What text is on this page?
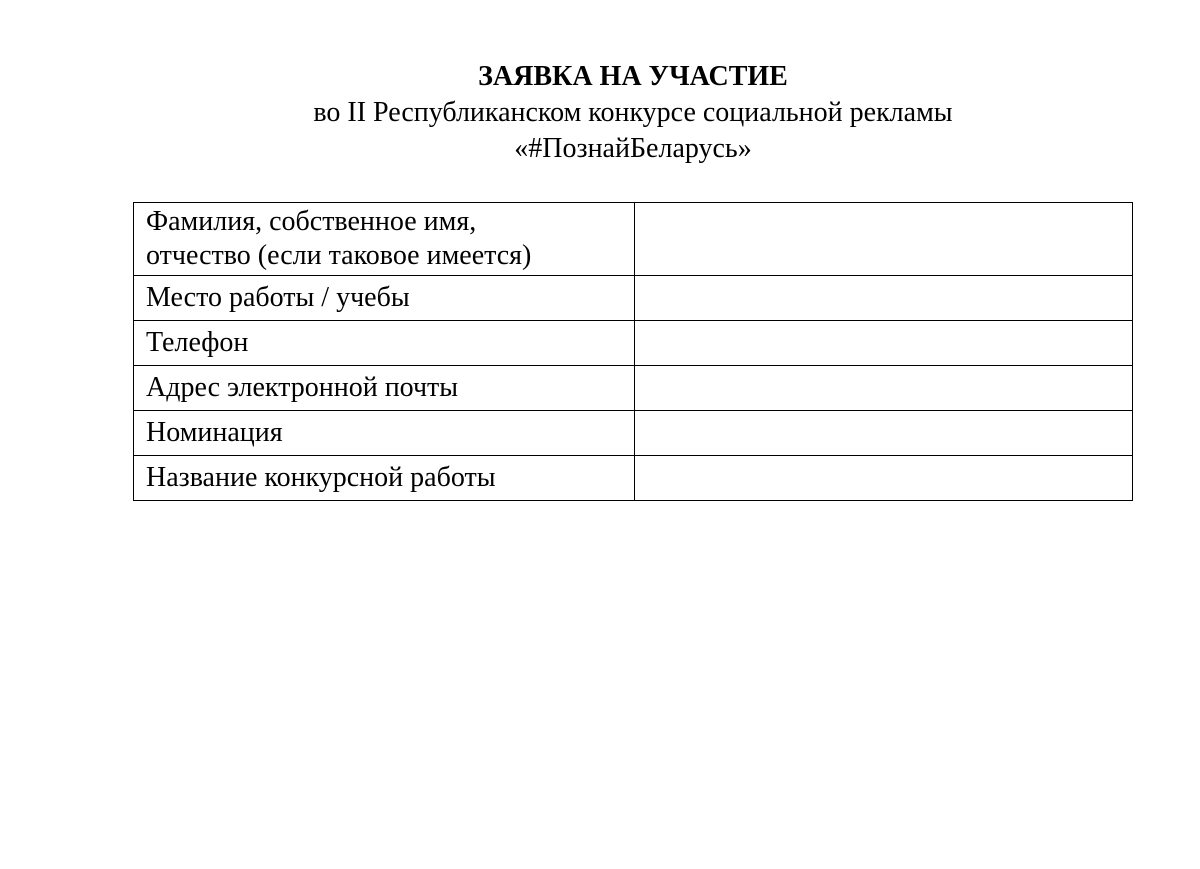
ЗАЯВКА НА УЧАСТИЕ
во II Республиканском конкурсе социальной рекламы
«#ПознайБеларусь»
Фамилия, собственное имя,
отчество (если таковое имеется)	

Место работы / учебы	
Телефон	
Адрес электронной почты	
Номинация	
Название конкурсной работы	
